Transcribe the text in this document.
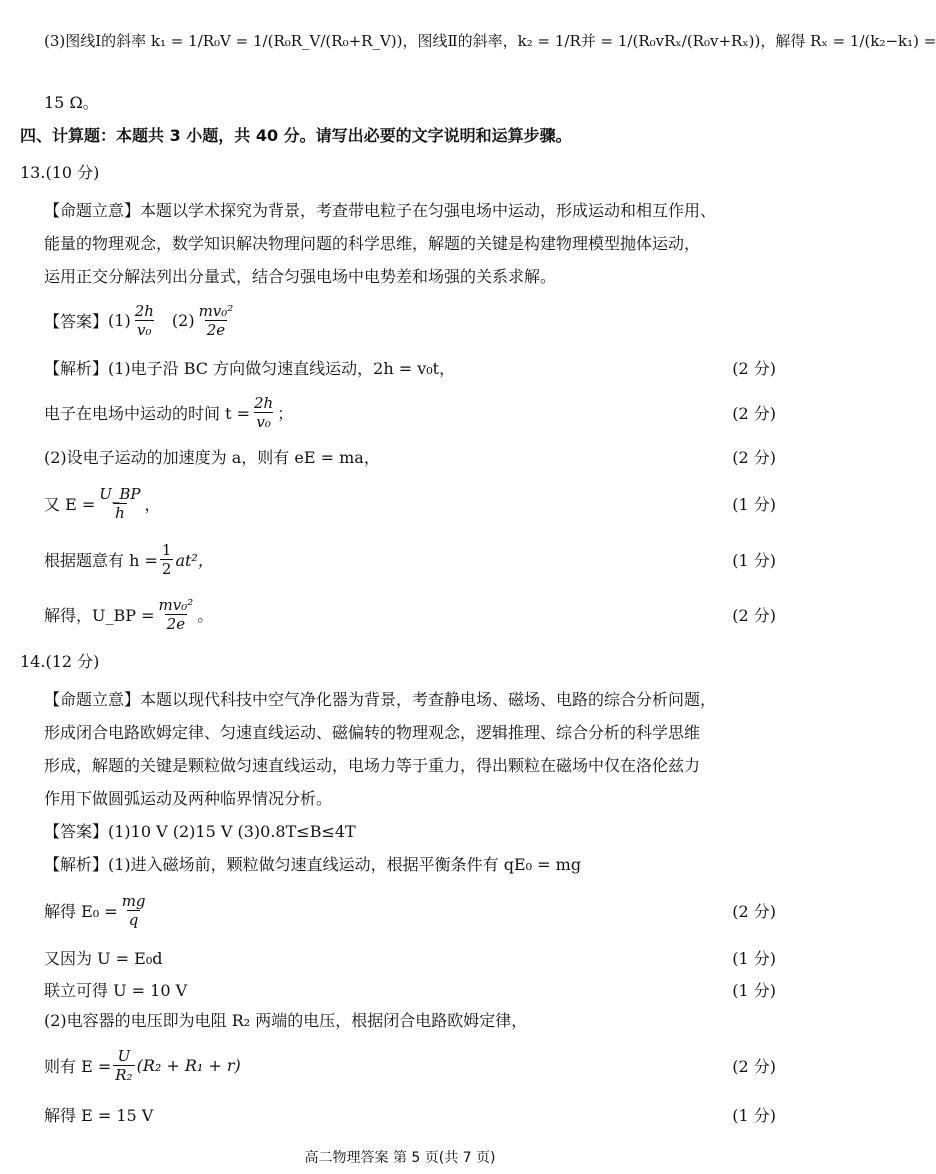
(3)图线Ⅰ的斜率 k₁ = 1/R₀V = 1/(R₀R_V/(R₀+R_V))，图线Ⅱ的斜率，k₂ = 1/R并 = 1/(R₀vRₓ/(R₀v+Rₓ))，解得 Rₓ = 1/(k₂−k₁) =
15 Ω。
四、计算题：本题共 3 小题，共 40 分。请写出必要的文字说明和运算步骤。
13.(10 分)
【命题立意】本题以学术探究为背景，考查带电粒子在匀强电场中运动，形成运动和相互作用、
能量的物理观念，数学知识解决物理问题的科学思维，解题的关键是构建物理模型抛体运动，
运用正交分解法列出分量式，结合匀强电场中电势差和场强的关系求解。
【答案】 $(1) \frac{2h}{\text{v₀}} (2) \frac{\text{mv₀²}}{2e}$
【解析】(1)电子沿 BC 方向做匀速直线运动，2h = v₀t，	(2 分)
电子在电场中运动的时间 $t = \frac{2h}{\text{v₀}}$ ；	(2 分)
(2)设电子运动的加速度为 a，则有 eE = ma，	(2 分)
又 $E = \frac{U\_BP}{h}$ ，	(1 分)
根据题意有 $h = \frac{1}{2} at^2$，	(1 分)
解得，U_BP = $\frac{\text{mv₀²}}{2e}$ 。	(2 分)
14.(12 分)
【命题立意】本题以现代科技中空气净化器为背景，考查静电场、磁场、电路的综合分析问题，
形成闭合电路欧姆定律、匀速直线运动、磁偏转的物理观念，逻辑推理、综合分析的科学思维
形成，解题的关键是颗粒做匀速直线运动，电场力等于重力，得出颗粒在磁场中仅在洛伦兹力
作用下做圆弧运动及两种临界情况分析。
【答案】(1)10 V (2)15 V (3)0.8T≤B≤4T
【解析】(1)进入磁场前，颗粒做匀速直线运动，根据平衡条件有 qE₀ = mg
解得 $E_0 = \frac{mg}{q}$	(2 分)
又因为 U = E₀d	(1 分)
联立可得 U = 10 V	(1 分)
(2)电容器的电压即为电阻 R₂ 两端的电压，根据闭合电路欧姆定律，
则有 $E = \frac{U}{\text{R₂}} (R_2 + R_1 + r)$	(2 分)
解得 E = 15 V	(1 分)
高二物理答案 第 5 页(共 7 页)
